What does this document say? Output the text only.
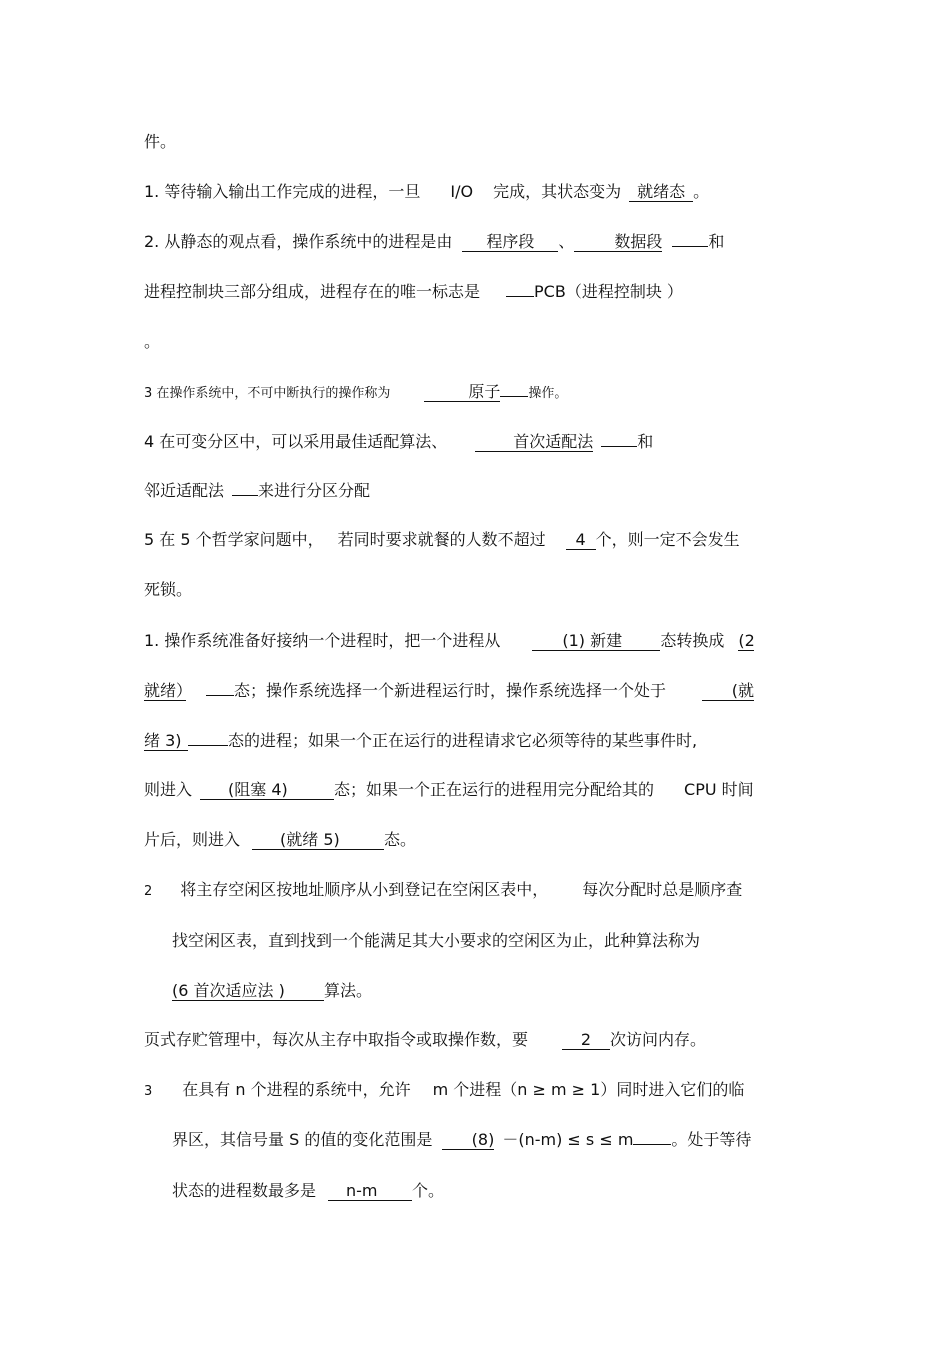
件。
1. 等待输入输出工作完成的进程，一旦 I/O 完成，其状态变为 就绪态 。
2. 从静态的观点看，操作系统中的进程是由 程序段 、 数据段	和
进程控制块三部分组成，进程存在的唯一标志是	PCB（进程控制块 ）
。
3 在操作系统中，不可中断执行的操作称为	原子 操作。
4 在可变分区中，可以采用最佳适配算法、	首次适配法	和
邻近适配法 来进行分区分配
5 在 5 个哲学家问题中， 若同时要求就餐的人数不超过 4 个，则一定不会发生
死锁。
1. 操作系统准备好接纳一个进程时，把一个进程从	(1) 新建 态转换成 (2
就绪）	态；操作系统选择一个新进程运行时，操作系统选择一个处于	(就
绪 3)	态的进程；如果一个正在运行的进程请求它必须等待的某些事件时,
则进入 (阻塞 4)	态；如果一个正在运行的进程用完分配给其的 CPU 时间
片后，则进入	(就绪 5)	态。
2 将主存空闲区按地址顺序从小到登记在空闲区表中， 每次分配时总是顺序查
找空闲区表，直到找到一个能满足其大小要求的空闲区为止，此种算法称为
(6 首次适应法 ) 算法。
页式存贮管理中，每次从主存中取指令或取操作数，要	2 次访问内存。
3 在具有 n 个进程的系统中，允许 m 个进程（n ≥ m ≥ 1）同时进入它们的临
界区，其信号量 S 的值的变化范围是 (8) －(n-m) ≤ s ≤ m 。处于等待
状态的进程数最多是 n-m 个。
